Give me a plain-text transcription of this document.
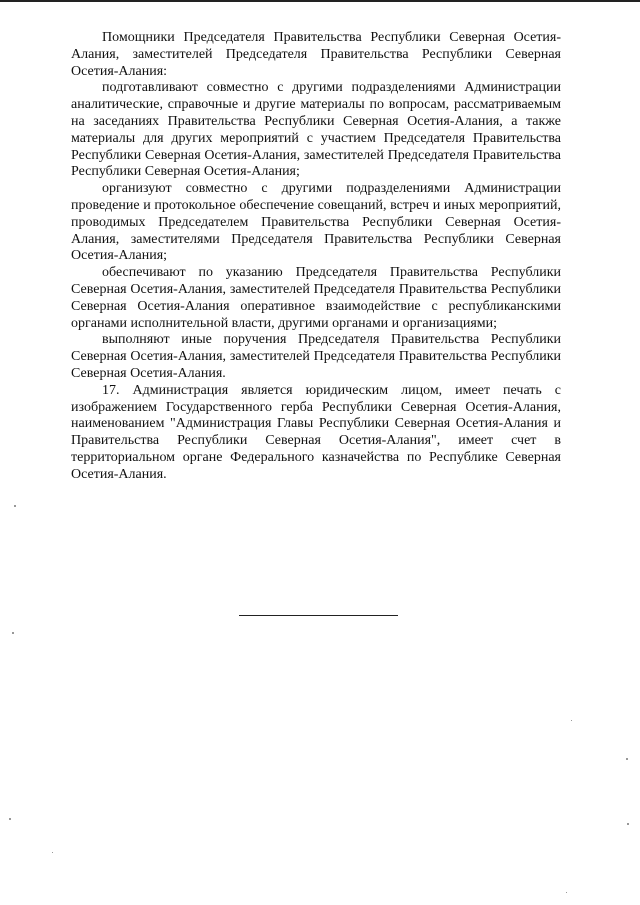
Помощники Председателя Правительства Республики Северная Осетия-Алания, заместителей Председателя Правительства Республики Северная Осетия-Алания:

подготавливают совместно с другими подразделениями Администрации аналитические, справочные и другие материалы по вопросам, рассматриваемым на заседаниях Правительства Республики Северная Осетия-Алания, а также материалы для других мероприятий с участием Председателя Правительства Республики Северная Осетия-Алания, заместителей Председателя Правительства Республики Северная Осетия-Алания;

организуют совместно с другими подразделениями Администрации проведение и протокольное обеспечение совещаний, встреч и иных мероприятий, проводимых Председателем Правительства Республики Северная Осетия-Алания, заместителями Председателя Правительства Республики Северная Осетия-Алания;

обеспечивают по указанию Председателя Правительства Республики Северная Осетия-Алания, заместителей Председателя Правительства Республики Северная Осетия-Алания оперативное взаимодействие с республиканскими органами исполнительной власти, другими органами и организациями;

выполняют иные поручения Председателя Правительства Республики Северная Осетия-Алания, заместителей Председателя Правительства Республики Северная Осетия-Алания.

17. Администрация является юридическим лицом, имеет печать с изображением Государственного герба Республики Северная Осетия-Алания, наименованием "Администрация Главы Республики Северная Осетия-Алания и Правительства Республики Северная Осетия-Алания", имеет счет в территориальном органе Федерального казначейства по Республике Северная Осетия-Алания.
